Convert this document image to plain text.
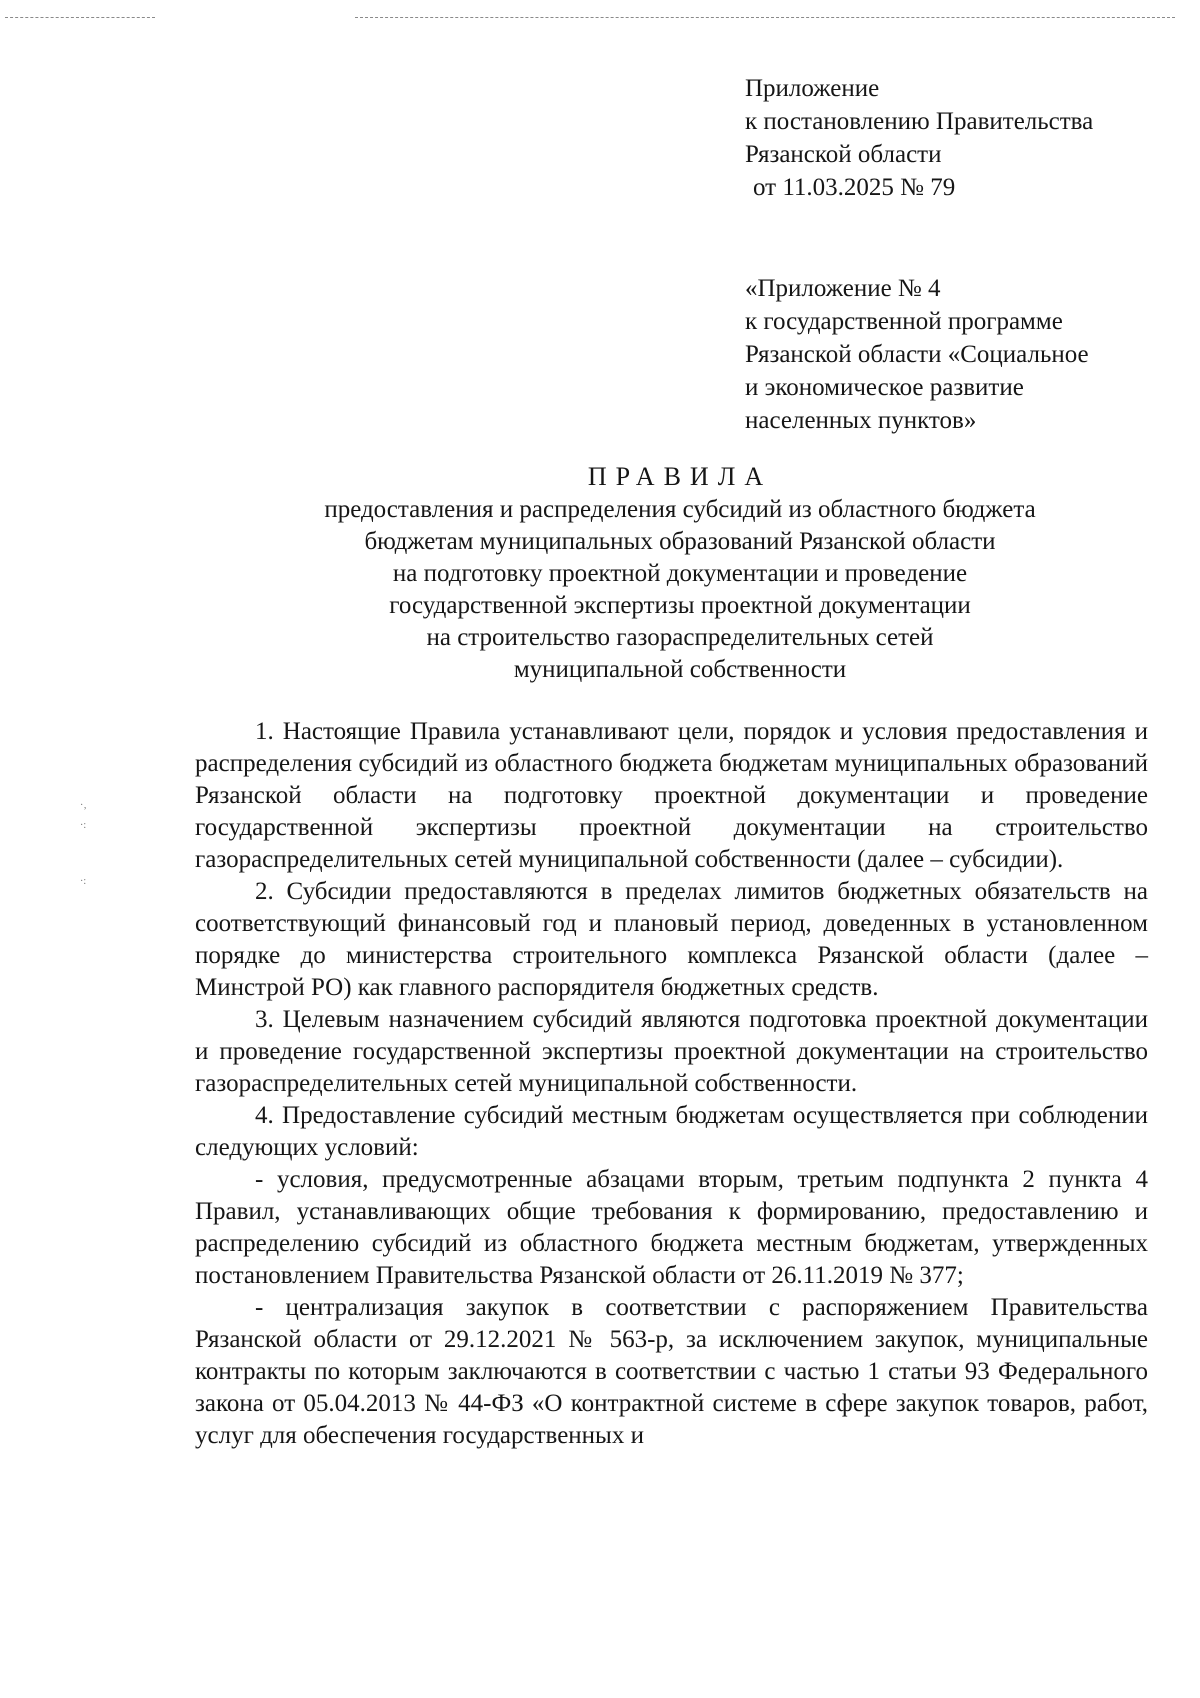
·‚
·:
·:
Приложение
к постановлению Правительства
Рязанской области
от 11.03.2025 № 79
«Приложение № 4
к государственной программе
Рязанской области «Социальное
и экономическое развитие
населенных пунктов»
ПРАВИЛА
предоставления и распределения субсидий из областного бюджета
бюджетам муниципальных образований Рязанской области
на подготовку проектной документации и проведение
государственной экспертизы проектной документации
на строительство газораспределительных сетей
муниципальной собственности

1. Настоящие Правила устанавливают цели, порядок и условия предоставления и распределения субсидий из областного бюджета бюджетам муниципальных образований Рязанской области на подготовку проектной документации и проведение государственной экспертизы проектной документации на строительство газораспределительных сетей муниципальной собственности (далее – субсидии).

2. Субсидии предоставляются в пределах лимитов бюджетных обязательств на соответствующий финансовый год и плановый период, доведенных в установленном порядке до министерства строительного комплекса Рязанской области (далее – Минстрой РО) как главного распорядителя бюджетных средств.

3. Целевым назначением субсидий являются подготовка проектной документации и проведение государственной экспертизы проектной документации на строительство газораспределительных сетей муниципальной собственности.

4. Предоставление субсидий местным бюджетам осуществляется при соблюдении следующих условий:

- условия, предусмотренные абзацами вторым, третьим подпункта 2 пункта 4 Правил, устанавливающих общие требования к формированию, предоставлению и распределению субсидий из областного бюджета местным бюджетам, утвержденных постановлением Правительства Рязанской области от 26.11.2019 № 377;

- централизация закупок в соответствии с распоряжением Правительства Рязанской области от 29.12.2021 № 563-р, за исключением закупок, муниципальные контракты по которым заключаются в соответствии с частью 1 статьи 93 Федерального закона от 05.04.2013 № 44-ФЗ «О контрактной системе в сфере закупок товаров, работ, услуг для обеспечения государственных и
